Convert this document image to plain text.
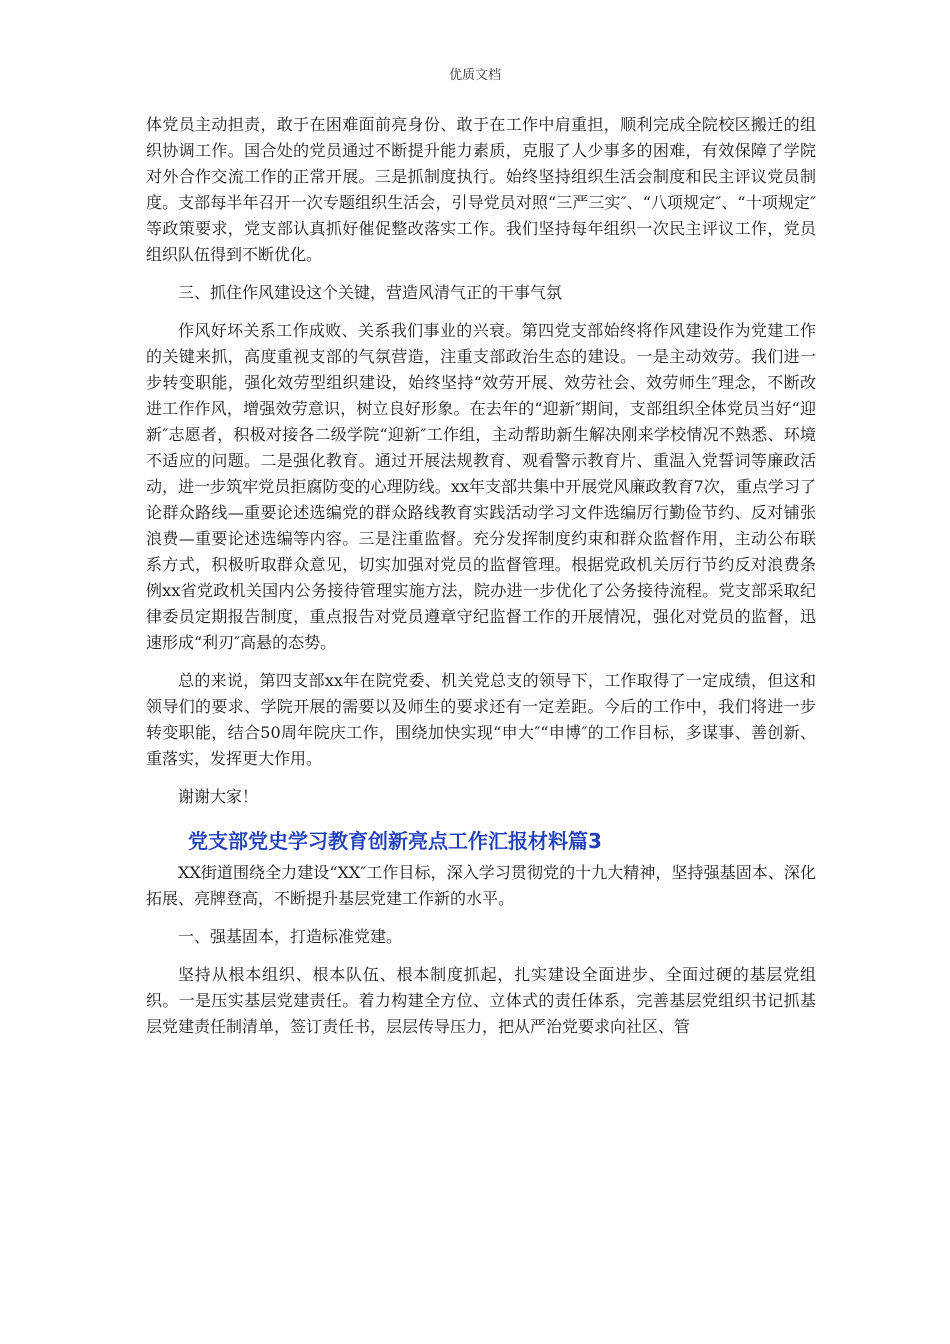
优质文档

体党员主动担责，敢于在困难面前亮身份、敢于在工作中肩重担，顺利完成全院校区搬迁的组织协调工作。国合处的党员通过不断提升能力素质，克服了人少事多的困难，有效保障了学院对外合作交流工作的正常开展。三是抓制度执行。始终坚持组织生活会制度和民主评议党员制度。支部每半年召开一次专题组织生活会，引导党员对照“三严三实″、“八项规定″、“十项规定″等政策要求，党支部认真抓好催促整改落实工作。我们坚持每年组织一次民主评议工作，党员组织队伍得到不断优化。

三、抓住作风建设这个关键，营造风清气正的干事气氛

作风好坏关系工作成败、关系我们事业的兴衰。第四党支部始终将作风建设作为党建工作的关键来抓，高度重视支部的气氛营造，注重支部政治生态的建设。一是主动效劳。我们进一步转变职能，强化效劳型组织建设，始终坚持“效劳开展、效劳社会、效劳师生″理念，不断改进工作作风，增强效劳意识，树立良好形象。在去年的“迎新″期间，支部组织全体党员当好“迎新″志愿者，积极对接各二级学院“迎新″工作组，主动帮助新生解决刚来学校情况不熟悉、环境不适应的问题。二是强化教育。通过开展法规教育、观看警示教育片、重温入党誓词等廉政活动，进一步筑牢党员拒腐防变的心理防线。xx年支部共集中开展党风廉政教育7次，重点学习了论群众路线—重要论述选编党的群众路线教育实践活动学习文件选编厉行勤俭节约、反对铺张浪费—重要论述选编等内容。三是注重监督。充分发挥制度约束和群众监督作用，主动公布联系方式，积极听取群众意见，切实加强对党员的监督管理。根据党政机关厉行节约反对浪费条例xx省党政机关国内公务接待管理实施方法，院办进一步优化了公务接待流程。党支部采取纪律委员定期报告制度，重点报告对党员遵章守纪监督工作的开展情况，强化对党员的监督，迅速形成“利刃″高悬的态势。

总的来说，第四支部xx年在院党委、机关党总支的领导下，工作取得了一定成绩，但这和领导们的要求、学院开展的需要以及师生的要求还有一定差距。今后的工作中，我们将进一步转变职能，结合50周年院庆工作，围绕加快实现“申大″“申博″的工作目标，多谋事、善创新、重落实，发挥更大作用。

谢谢大家！

党支部党史学习教育创新亮点工作汇报材料篇3

XX街道围绕全力建设“XX″工作目标，深入学习贯彻党的十九大精神，坚持强基固本、深化拓展、亮牌登高，不断提升基层党建工作新的水平。

一、强基固本，打造标准党建。

坚持从根本组织、根本队伍、根本制度抓起，扎实建设全面进步、全面过硬的基层党组织。一是压实基层党建责任。着力构建全方位、立体式的责任体系，完善基层党组织书记抓基层党建责任制清单，签订责任书，层层传导压力，把从严治党要求向社区、管
